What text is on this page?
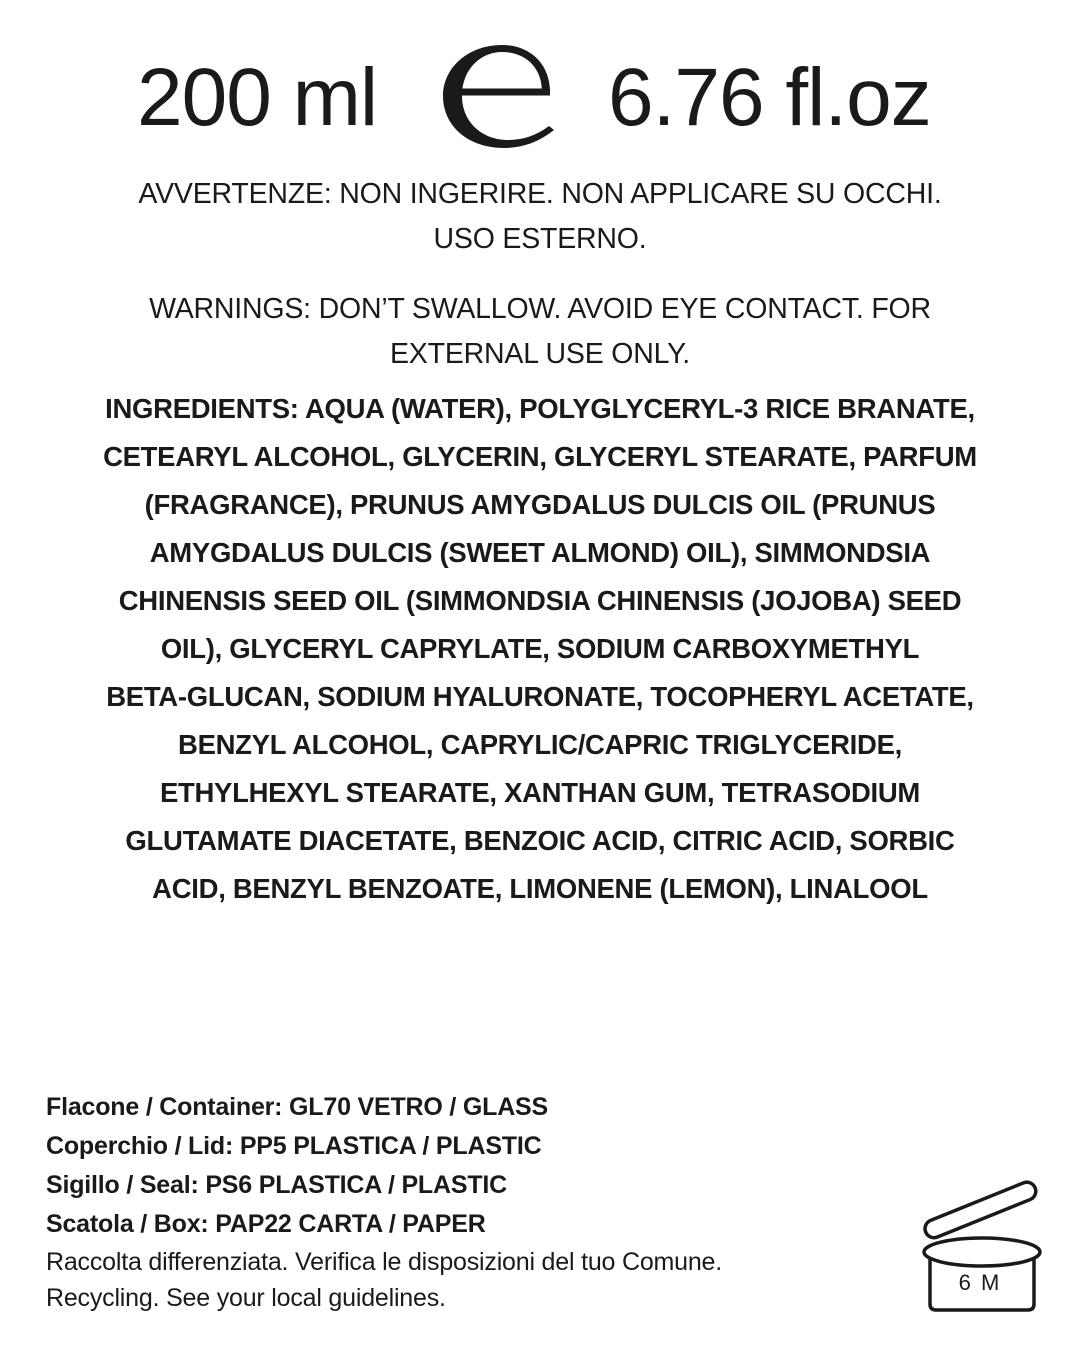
200 ml	6.76 fl.oz
AVVERTENZE: NON INGERIRE. NON APPLICARE SU OCCHI.
USO ESTERNO.
WARNINGS: DON’T SWALLOW. AVOID EYE CONTACT. FOR
EXTERNAL USE ONLY.
INGREDIENTS: AQUA (WATER), POLYGLYCERYL-3 RICE BRANATE,
CETEARYL ALCOHOL, GLYCERIN, GLYCERYL STEARATE, PARFUM
(FRAGRANCE), PRUNUS AMYGDALUS DULCIS OIL (PRUNUS
AMYGDALUS DULCIS (SWEET ALMOND) OIL), SIMMONDSIA
CHINENSIS SEED OIL (SIMMONDSIA CHINENSIS (JOJOBA) SEED
OIL), GLYCERYL CAPRYLATE, SODIUM CARBOXYMETHYL
BETA-GLUCAN, SODIUM HYALURONATE, TOCOPHERYL ACETATE,
BENZYL ALCOHOL, CAPRYLIC/CAPRIC TRIGLYCERIDE,
ETHYLHEXYL STEARATE, XANTHAN GUM, TETRASODIUM
GLUTAMATE DIACETATE, BENZOIC ACID, CITRIC ACID, SORBIC
ACID, BENZYL BENZOATE, LIMONENE (LEMON), LINALOOL
Flacone / Container: GL70 VETRO / GLASS
Coperchio / Lid: PP5 PLASTICA / PLASTIC
Sigillo / Seal: PS6 PLASTICA / PLASTIC
Scatola / Box: PAP22 CARTA / PAPER
Raccolta differenziata. Verifica le disposizioni del tuo Comune.
Recycling. See your local guidelines.
6 M
